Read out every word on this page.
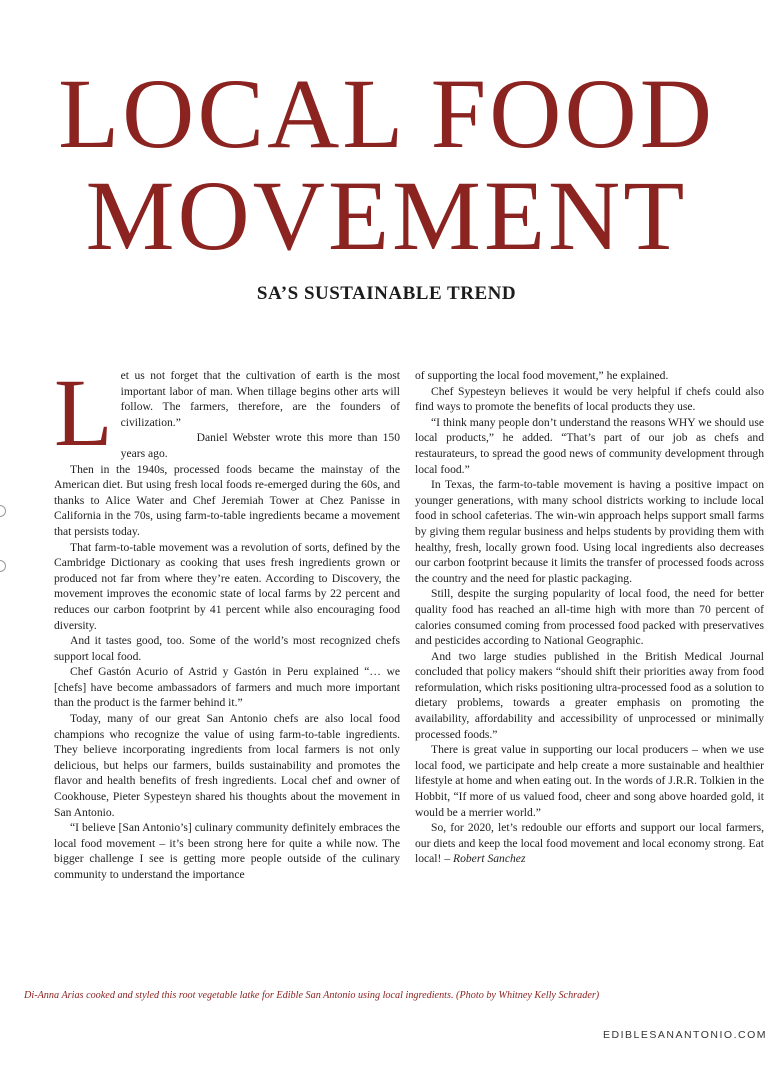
LOCAL FOOD
MOVEMENT
SA’S SUSTAINABLE TREND

Let us not forget that the cultivation of earth is the most important labor of man. When tillage begins other arts will follow. The farmers, therefore, are the founders of civilization.”

Daniel Webster wrote this more than 150 years ago.

Then in the 1940s, processed foods became the mainstay of the American diet. But using fresh local foods re-emerged during the 60s, and thanks to Alice Water and Chef Jeremiah Tower at Chez Panisse in California in the 70s, using farm-to-table ingredients became a movement that persists today.

That farm-to-table movement was a revolution of sorts, defined by the Cambridge Dictionary as cooking that uses fresh ingredients grown or produced not far from where they’re eaten. According to Discovery, the movement improves the economic state of local farms by 22 percent and reduces our carbon footprint by 41 percent while also encouraging food diversity.

And it tastes good, too. Some of the world’s most recognized chefs support local food.

Chef Gastón Acurio of Astrid y Gastón in Peru explained “… we [chefs] have become ambassadors of farmers and much more important than the product is the farmer behind it.”

Today, many of our great San Antonio chefs are also local food champions who recognize the value of using farm-to-table ingredients. They believe incorporating ingredients from local farmers is not only delicious, but helps our farmers, builds sustainability and promotes the flavor and health benefits of fresh ingredients. Local chef and owner of Cookhouse, Pieter Sypesteyn shared his thoughts about the movement in San Antonio.

“I believe [San Antonio’s] culinary community definitely embraces the local food movement – it’s been strong here for quite a while now. The bigger challenge I see is getting more people outside of the culinary community to understand the importance

of supporting the local food movement,” he explained.

Chef Sypesteyn believes it would be very helpful if chefs could also find ways to promote the benefits of local products they use.

“I think many people don’t understand the reasons WHY we should use local products,” he added. “That’s part of our job as chefs and restaurateurs, to spread the good news of community development through local food.”

In Texas, the farm-to-table movement is having a positive impact on younger generations, with many school districts working to include local food in school cafeterias. The win-win approach helps support small farms by giving them regular business and helps students by providing them with healthy, fresh, locally grown food. Using local ingredients also decreases our carbon footprint because it limits the transfer of processed foods across the country and the need for plastic packaging.

Still, despite the surging popularity of local food, the need for better quality food has reached an all-time high with more than 70 percent of calories consumed coming from processed food packed with preservatives and pesticides according to National Geographic.

And two large studies published in the British Medical Journal concluded that policy makers “should shift their priorities away from food reformulation, which risks positioning ultra-processed food as a solution to dietary problems, towards a greater emphasis on promoting the availability, affordability and accessibility of unprocessed or minimally processed foods.”

There is great value in supporting our local producers – when we use local food, we participate and help create a more sustainable and healthier lifestyle at home and when eating out. In the words of J.R.R. Tolkien in the Hobbit, “If more of us valued food, cheer and song above hoarded gold, it would be a merrier world.”

So, for 2020, let’s redouble our efforts and support our local farmers, our diets and keep the local food movement and local economy strong. Eat local! – Robert Sanchez

Di-Anna Arias cooked and styled this root vegetable latke for Edible San Antonio using local ingredients. (Photo by Whitney Kelly Schrader)

EDIBLESANANTONIO.COM
